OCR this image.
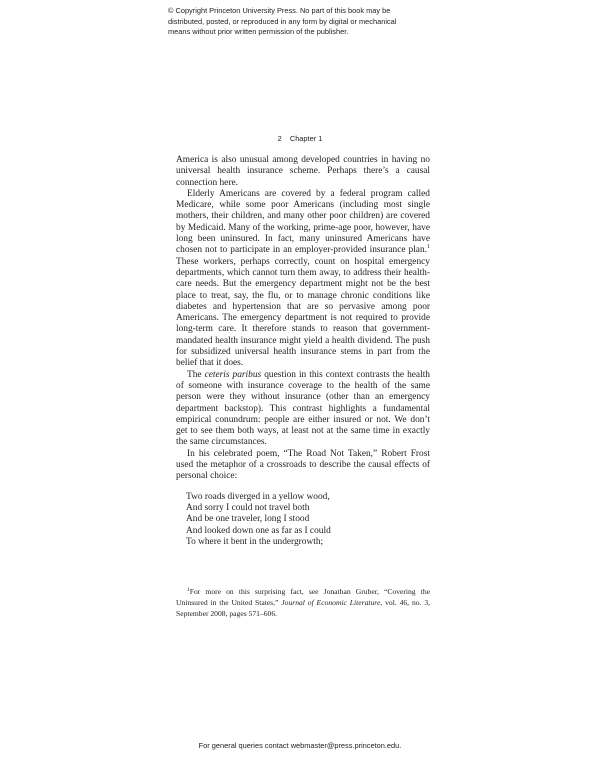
© Copyright Princeton University Press. No part of this book may be
distributed, posted, or reproduced in any form by digital or mechanical
means without prior written permission of the publisher.
2 Chapter 1

America is also unusual among developed countries in having no universal health insurance scheme. Perhaps there’s a causal connection here.

Elderly Americans are covered by a federal program called Medicare, while some poor Americans (including most single mothers, their children, and many other poor children) are covered by Medicaid. Many of the working, prime-age poor, however, have long been uninsured. In fact, many uninsured Americans have chosen not to participate in an employer-provided insurance plan.$^1$ These workers, perhaps correctly, count on hospital emergency departments, which cannot turn them away, to address their health-care needs. But the emergency department might not be the best place to treat, say, the flu, or to manage chronic conditions like diabetes and hypertension that are so pervasive among poor Americans. The emergency department is not required to provide long-term care. It therefore stands to reason that government-mandated health insurance might yield a health dividend. The push for subsidized universal health insurance stems in part from the belief that it does.

The ceteris paribus question in this context contrasts the health of someone with insurance coverage to the health of the same person were they without insurance (other than an emergency department backstop). This contrast highlights a fundamental empirical conundrum: people are either insured or not. We don’t get to see them both ways, at least not at the same time in exactly the same circumstances.

In his celebrated poem, “The Road Not Taken,” Robert Frost used the metaphor of a crossroads to describe the causal effects of personal choice:

Two roads diverged in a yellow wood,
And sorry I could not travel both
And be one traveler, long I stood
And looked down one as far as I could
To where it bent in the undergrowth;
$^1$For more on this surprising fact, see Jonathan Gruber, “Covering the Uninsured in the United States,” Journal of Economic Literature, vol. 46, no. 3, September 2008, pages 571–606.
For general queries contact webmaster@press.princeton.edu.
